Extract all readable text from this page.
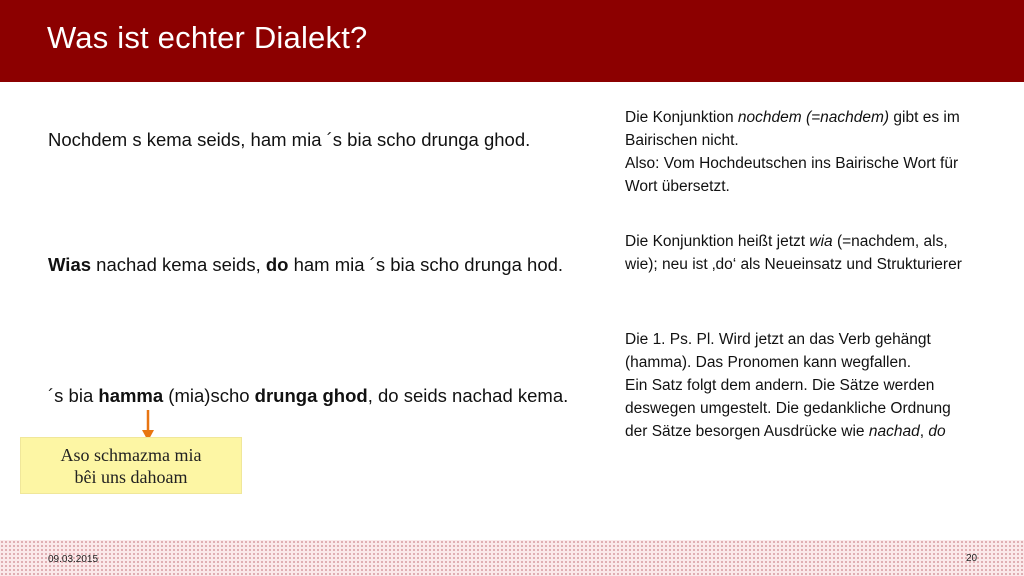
Was ist echter Dialekt?
Nochdem s kema seids, ham mia ´s bia scho drunga ghod.
Wias nachad kema seids, do ham mia ´s bia scho drunga hod.
´s bia hamma (mia)scho drunga ghod, do seids nachad kema.
Die Konjunktion nochdem (=nachdem) gibt es im Bairischen nicht.
Also: Vom Hochdeutschen ins Bairische Wort für Wort übersetzt.
Die Konjunktion heißt jetzt wia (=nachdem, als, wie); neu ist ‚do‘ als Neueinsatz und Strukturierer
Die 1. Ps. Pl. Wird jetzt an das Verb gehängt (hamma). Das Pronomen kann wegfallen.
Ein Satz folgt dem andern. Die Sätze werden deswegen umgestelt. Die gedankliche Ordnung der Sätze besorgen Ausdrücke wie nachad, do
Aso schmazma mia
bêi uns dahoam
09.03.2015	20
